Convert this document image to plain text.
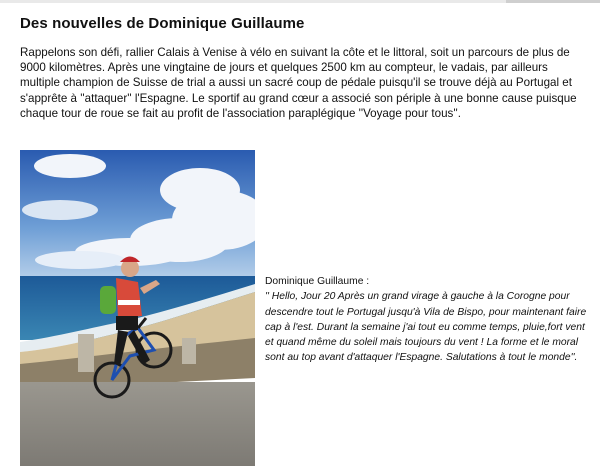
Des nouvelles de Dominique Guillaume
Rappelons son défi, rallier Calais à Venise à vélo en suivant la côte et le littoral, soit un parcours de plus de 9000 kilomètres. Après une vingtaine de jours et quelques 2500 km au compteur, le vadais, par ailleurs multiple champion de Suisse de trial a aussi un sacré coup de pédale puisqu'il se trouve déjà au Portugal et s'apprête à ''attaquer'' l'Espagne. Le sportif au grand cœur a associé son périple à une bonne cause puisque chaque tour de roue se fait au profit de l'association paraplégique ''Voyage pour tous''.
Dominique Guillaume :
'' Hello, Jour 20 Après un grand virage à gauche à la Corogne pour descendre tout le Portugal jusqu'à Vila de Bispo, pour maintenant faire cap à l'est. Durant la semaine j'ai tout eu comme temps, pluie,fort vent et quand même du soleil mais toujours du vent ! La forme et le moral sont au top avant d'attaquer l'Espagne. Salutations à tout le monde''.
